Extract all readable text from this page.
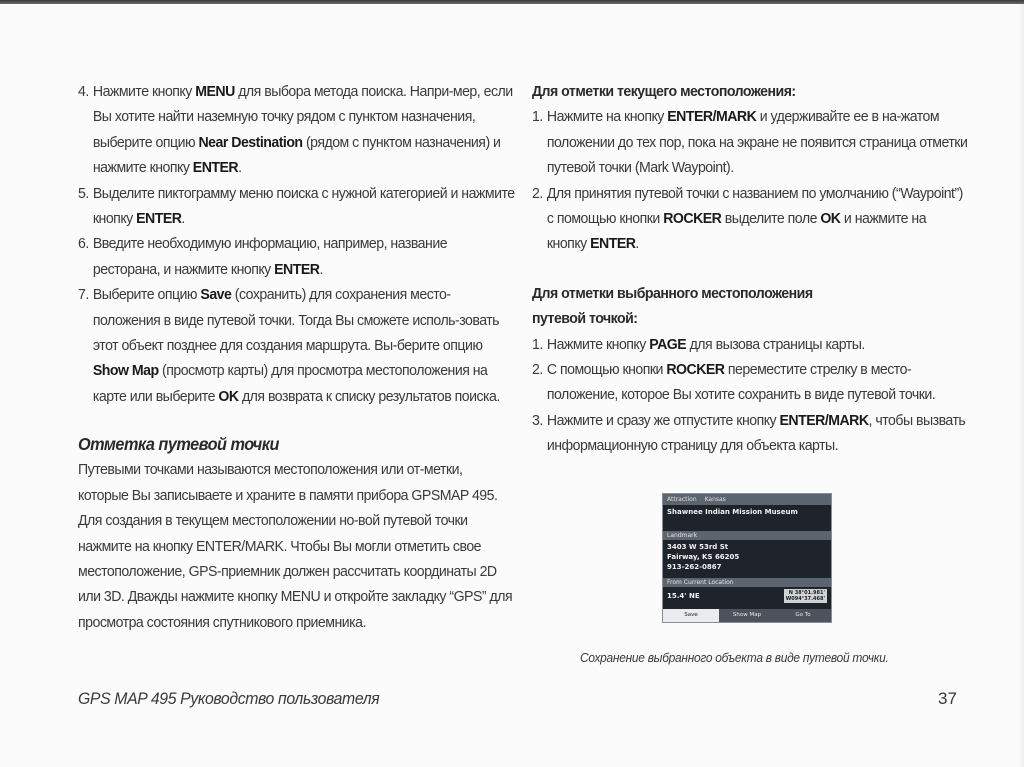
4. Нажмите кнопку MENU для выбора метода поиска. Напри-мер, если Вы хотите найти наземную точку рядом с пунктом назначения, выберите опцию Near Destination (рядом с пунктом назначения) и нажмите кнопку ENTER.

5. Выделите пиктограмму меню поиска с нужной категорией и нажмите кнопку ENTER.

6. Введите необходимую информацию, например, название ресторана, и нажмите кнопку ENTER.

7. Выберите опцию Save (сохранить) для сохранения место-положения в виде путевой точки. Тогда Вы сможете исполь-зовать этот объект позднее для создания маршрута. Вы-берите опцию Show Map (просмотр карты) для просмотра местоположения на карте или выберите OK для возврата к списку результатов поиска.

Отметка путевой точки

Путевыми точками называются местоположения или от-метки, которые Вы записываете и храните в памяти прибора GPSMAP 495. Для создания в текущем местоположении но-вой путевой точки нажмите на кнопку ENTER/MARK. Чтобы Вы могли отметить свое местоположение, GPS-приемник должен рассчитать координаты 2D или 3D. Дважды нажмите кнопку MENU и откройте закладку “GPS” для просмотра состояния спутникового приемника.

Для отметки текущего местоположения:

1. Нажмите на кнопку ENTER/MARK и удерживайте ее в на-жатом положении до тех пор, пока на экране не появится страница отметки путевой точки (Mark Waypoint).

2. Для принятия путевой точки с названием по умолчанию (“Waypoint”) с помощью кнопки ROCKER выделите поле OK и нажмите на кнопку ENTER.

Для отметки выбранного местоположения

путевой точкой:

1. Нажмите кнопку PAGE для вызова страницы карты.

2. С помощью кнопки ROCKER переместите стрелку в место-положение, которое Вы хотите сохранить в виде путевой точки.

3. Нажмите и сразу же отпустите кнопку ENTER/MARK, чтобы вызвать информационную страницу для объекта карты.

Attraction Kansas
Shawnee Indian Mission Museum
Landmark
3403 W 53rd St
Fairway, KS 66205
913-262-0867
From Current Location
15.4' NE	N 38°01.981'
W094°37.468'
Save	Show Map	Go To
Сохранение выбранного объекта в виде путевой точки.
GPS MAP 495 Руководство пользователя	37
